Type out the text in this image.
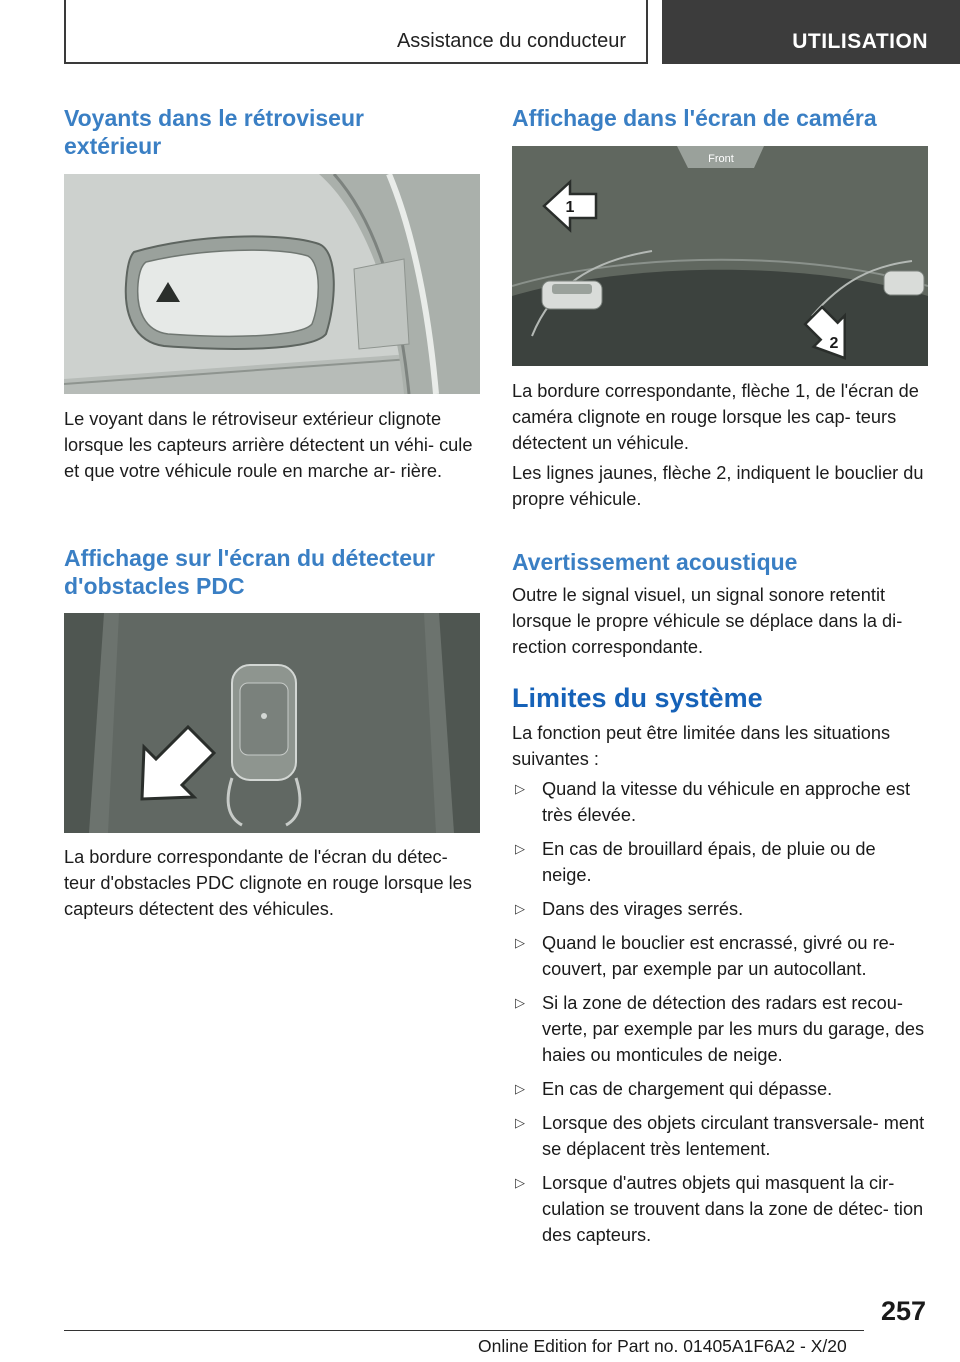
Assistance du conducteur	UTILISATION
Voyants dans le rétroviseur extérieur

Le voyant dans le rétroviseur extérieur clignote lorsque les capteurs arrière détectent un véhi- cule et que votre véhicule roule en marche ar- rière.

Affichage sur l'écran du détecteur d'obstacles PDC

La bordure correspondante de l'écran du détec- teur d'obstacles PDC clignote en rouge lorsque les capteurs détectent des véhicules.

Affichage dans l'écran de caméra
Front
1
2

La bordure correspondante, flèche 1, de l'écran de caméra clignote en rouge lorsque les cap- teurs détectent un véhicule.

Les lignes jaunes, flèche 2, indiquent le bouclier du propre véhicule.

Avertissement acoustique

Outre le signal visuel, un signal sonore retentit lorsque le propre véhicule se déplace dans la di- rection correspondante.

Limites du système

La fonction peut être limitée dans les situations suivantes :

▷ Quand la vitesse du véhicule en approche est très élevée.
▷ En cas de brouillard épais, de pluie ou de neige.
▷ Dans des virages serrés.
▷ Quand le bouclier est encrassé, givré ou re- couvert, par exemple par un autocollant.
▷ Si la zone de détection des radars est recou- verte, par exemple par les murs du garage, des haies ou monticules de neige.
▷ En cas de chargement qui dépasse.
▷ Lorsque des objets circulant transversale- ment se déplacent très lentement.
▷ Lorsque d'autres objets qui masquent la cir- culation se trouvent dans la zone de détec- tion des capteurs.
257
Online Edition for Part no. 01405A1F6A2 - X/20
